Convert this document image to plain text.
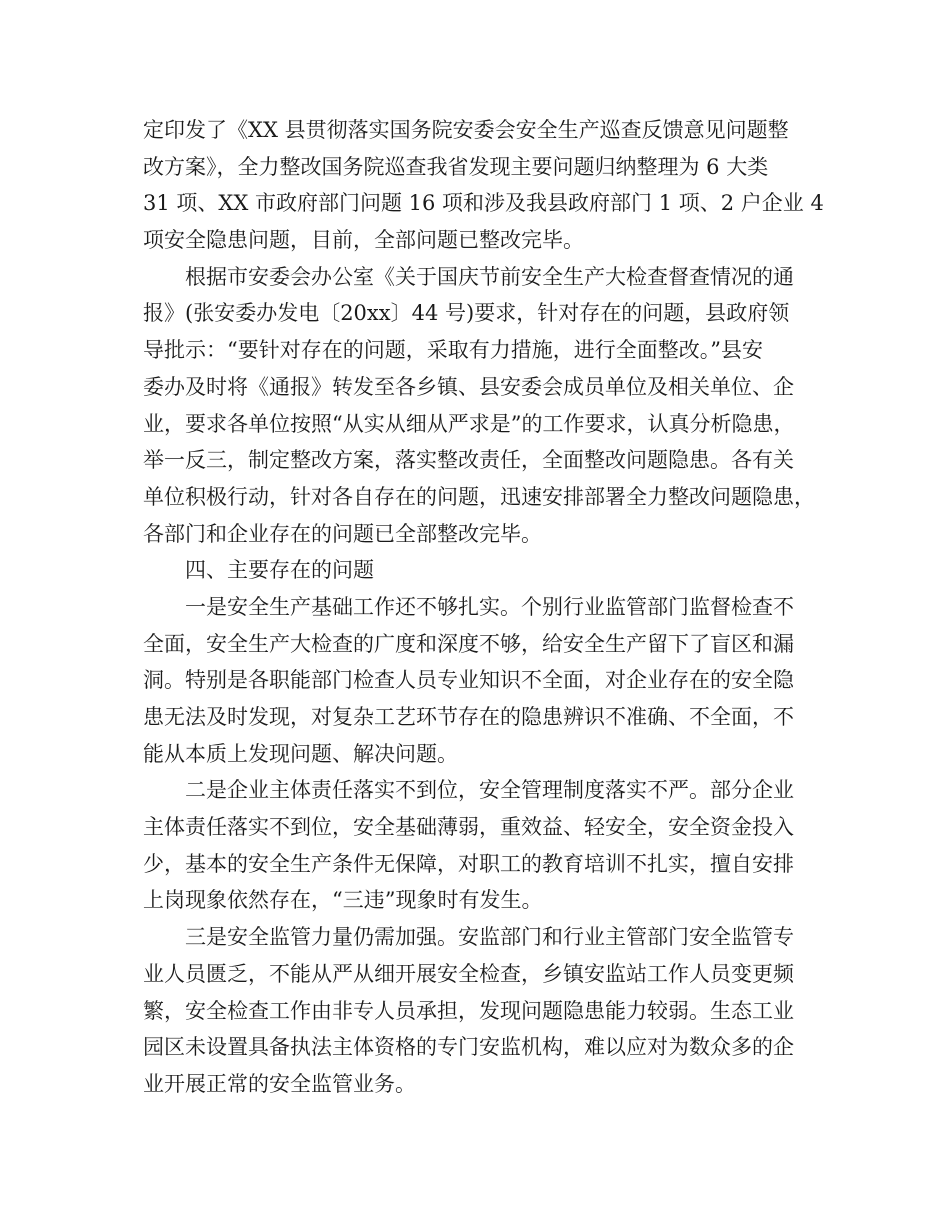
定印发了《XX 县贯彻落实国务院安委会安全生产巡查反馈意见问题整
改方案》，全力整改国务院巡查我省发现主要问题归纳整理为 6 大类
31 项、XX 市政府部门问题 16 项和涉及我县政府部门 1 项、2 户企业 4
项安全隐患问题，目前，全部问题已整改完毕。
根据市安委会办公室《关于国庆节前安全生产大检查督查情况的通
报》(张安委办发电〔20xx〕44 号)要求，针对存在的问题，县政府领
导批示：“要针对存在的问题，采取有力措施，进行全面整改。”县安
委办及时将《通报》转发至各乡镇、县安委会成员单位及相关单位、企
业，要求各单位按照“从实从细从严求是”的工作要求，认真分析隐患，
举一反三，制定整改方案，落实整改责任，全面整改问题隐患。各有关
单位积极行动，针对各自存在的问题，迅速安排部署全力整改问题隐患，
各部门和企业存在的问题已全部整改完毕。
四、主要存在的问题
一是安全生产基础工作还不够扎实。个别行业监管部门监督检查不
全面，安全生产大检查的广度和深度不够，给安全生产留下了盲区和漏
洞。特别是各职能部门检查人员专业知识不全面，对企业存在的安全隐
患无法及时发现，对复杂工艺环节存在的隐患辨识不准确、不全面，不
能从本质上发现问题、解决问题。
二是企业主体责任落实不到位，安全管理制度落实不严。部分企业
主体责任落实不到位，安全基础薄弱，重效益、轻安全，安全资金投入
少，基本的安全生产条件无保障，对职工的教育培训不扎实，擅自安排
上岗现象依然存在，“三违”现象时有发生。
三是安全监管力量仍需加强。安监部门和行业主管部门安全监管专
业人员匮乏，不能从严从细开展安全检查，乡镇安监站工作人员变更频
繁，安全检查工作由非专人员承担，发现问题隐患能力较弱。生态工业
园区未设置具备执法主体资格的专门安监机构，难以应对为数众多的企
业开展正常的安全监管业务。
